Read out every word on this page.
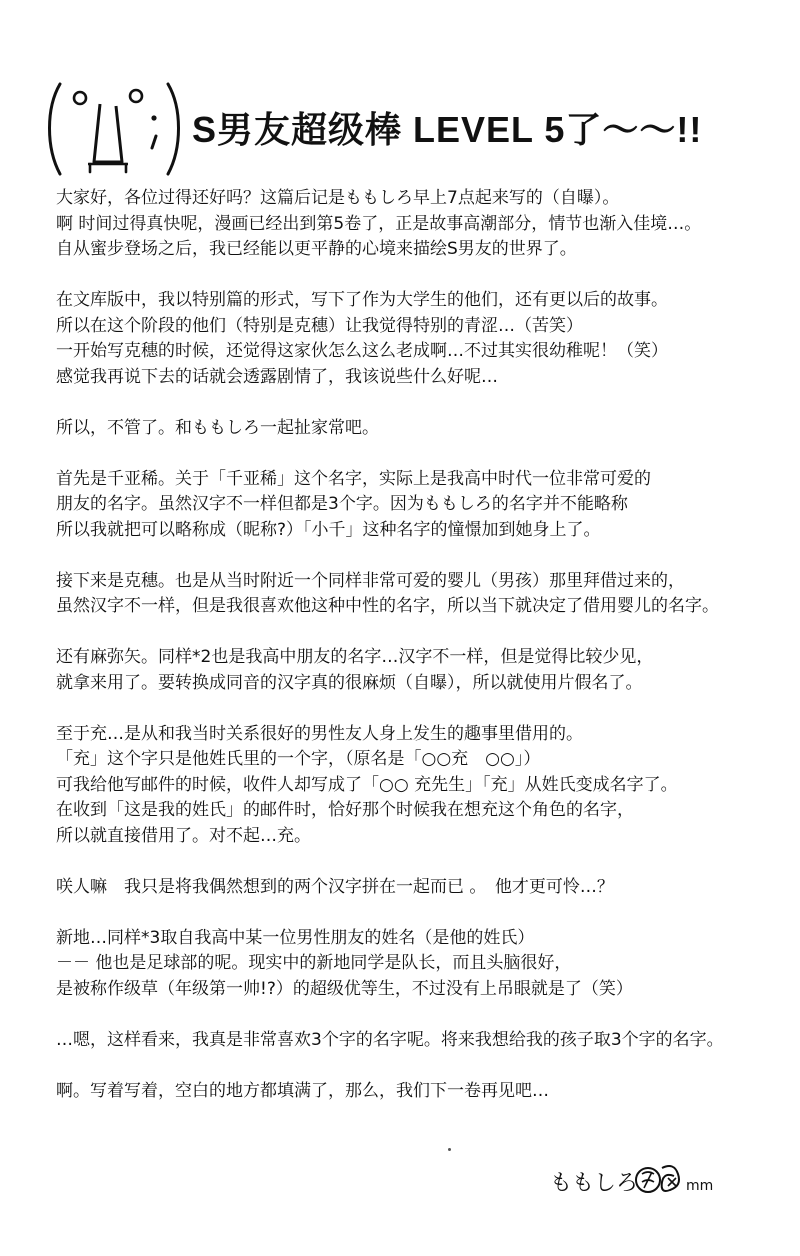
S男友超级棒 LEVEL 5了〜〜!!
大家好，各位过得还好吗？这篇后记是ももしろ早上7点起来写的（自曝）。
啊 时间过得真快呢，漫画已经出到第5卷了，正是故事高潮部分，情节也渐入佳境…。
自从蜜步登场之后，我已经能以更平静的心境来描绘S男友的世界了。
在文库版中，我以特别篇的形式，写下了作为大学生的他们，还有更以后的故事。
所以在这个阶段的他们（特别是克穗）让我觉得特别的青涩…（苦笑）
一开始写克穗的时候，还觉得这家伙怎么这么老成啊…不过其实很幼稚呢！（笑）
感觉我再说下去的话就会透露剧情了，我该说些什么好呢…
所以，不管了。和ももしろ一起扯家常吧。
首先是千亚稀。关于「千亚稀」这个名字，实际上是我高中时代一位非常可爱的
朋友的名字。虽然汉字不一样但都是3个字。因为ももしろ的名字并不能略称
所以我就把可以略称成（昵称?）「小千」这种名字的憧憬加到她身上了。
接下来是克穗。也是从当时附近一个同样非常可爱的婴儿（男孩）那里拜借过来的，
虽然汉字不一样，但是我很喜欢他这种中性的名字，所以当下就决定了借用婴儿的名字。
还有麻弥矢。同样*2也是我高中朋友的名字…汉字不一样，但是觉得比较少见，
就拿来用了。要转换成同音的汉字真的很麻烦（自曝），所以就使用片假名了。
至于充…是从和我当时关系很好的男性友人身上发生的趣事里借用的。
「充」这个字只是他姓氏里的一个字，（原名是「○○充　○○」）
可我给他写邮件的时候，收件人却写成了「○○ 充先生」「充」从姓氏变成名字了。
在收到「这是我的姓氏」的邮件时，恰好那个时候我在想充这个角色的名字，
所以就直接借用了。对不起…充。
咲人嘛　我只是将我偶然想到的两个汉字拼在一起而已 。　他才更可怜…？
新地…同样*3取自我高中某一位男性朋友的姓名（是他的姓氏）
－－ 他也是足球部的呢。现实中的新地同学是队长，而且头脑很好，
是被称作级草（年级第一帅!?）的超级优等生，不过没有上吊眼就是了（笑）
…嗯，这样看来，我真是非常喜欢3个字的名字呢。将来我想给我的孩子取3个字的名字。
啊。写着写着，空白的地方都填满了，那么，我们下一卷再见吧…
ももしろ	mm
